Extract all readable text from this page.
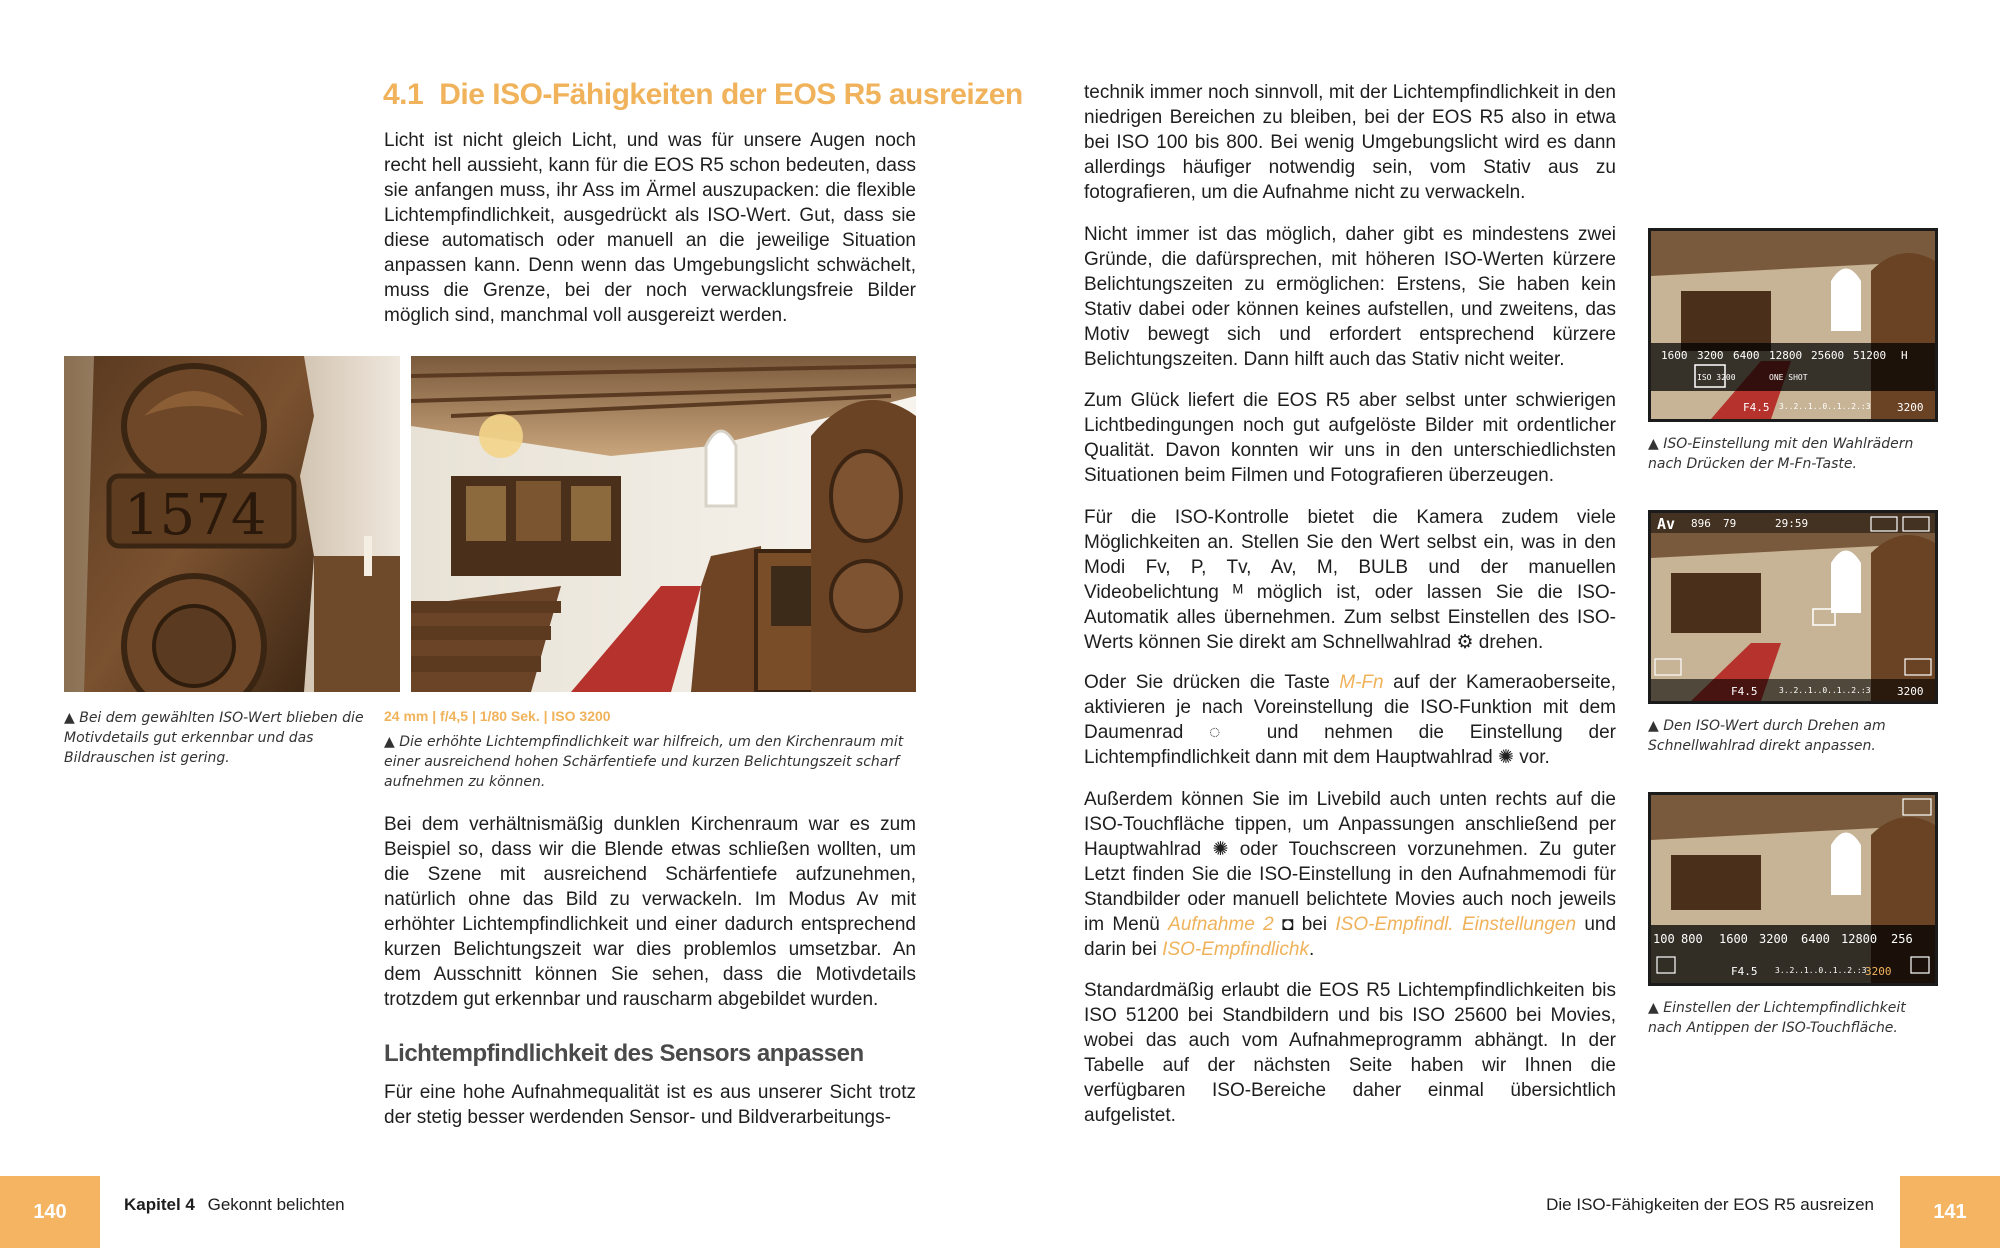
4.1 Die ISO-Fähigkeiten der EOS R5 ausreizen

Licht ist nicht gleich Licht, und was für unsere Augen noch recht hell aussieht, kann für die EOS R5 schon bedeuten, dass sie anfangen muss, ihr Ass im Ärmel auszupacken: die flexible Lichtempfindlichkeit, ausgedrückt als ISO-Wert. Gut, dass sie diese automatisch oder manuell an die jeweilige Situation anpassen kann. Denn wenn das Umgebungslicht schwächelt, muss die Grenze, bei der noch verwacklungsfreie Bilder möglich sind, manchmal voll ausgereizt werden.

1574

▲ Bei dem gewählten ISO-Wert blieben die Motivdetails gut erkennbar und das Bildrauschen ist gering.

24 mm | f/4,5 | 1/80 Sek. | ISO 3200

▲ Die erhöhte Lichtempfindlichkeit war hilfreich, um den Kirchenraum mit einer ausreichend hohen Schärfentiefe und kurzen Belichtungszeit scharf aufnehmen zu können.

Bei dem verhältnismäßig dunklen Kirchenraum war es zum Beispiel so, dass wir die Blende etwas schließen wollten, um die Szene mit ausreichend Schärfentiefe aufzunehmen, natürlich ohne das Bild zu verwackeln. Im Modus Av mit erhöhter Lichtempfindlichkeit und einer dadurch entsprechend kurzen Belichtungszeit war dies problemlos umsetzbar. An dem Ausschnitt können Sie sehen, dass die Motivdetails trotzdem gut erkennbar und rauscharm abgebildet wurden.

Lichtempfindlichkeit des Sensors anpassen

Für eine hohe Aufnahmequalität ist es aus unserer Sicht trotz der stetig besser werdenden Sensor- und Bildverarbeitungs-

technik immer noch sinnvoll, mit der Lichtempfindlichkeit in den niedrigen Bereichen zu bleiben, bei der EOS R5 also in etwa bei ISO 100 bis 800. Bei wenig Umgebungslicht wird es dann allerdings häufiger notwendig sein, vom Stativ aus zu fotografieren, um die Aufnahme nicht zu verwackeln.

Nicht immer ist das möglich, daher gibt es mindestens zwei Gründe, die dafürsprechen, mit höheren ISO-Werten kürzere Belichtungszeiten zu ermöglichen: Erstens, Sie haben kein Stativ dabei oder können keines aufstellen, und zweitens, das Motiv bewegt sich und erfordert entsprechend kürzere Belichtungszeiten. Dann hilft auch das Stativ nicht weiter.

Zum Glück liefert die EOS R5 aber selbst unter schwierigen Lichtbedingungen noch gut aufgelöste Bilder mit ordentlicher Qualität. Davon konnten wir uns in den unterschiedlichsten Situationen beim Filmen und Fotografieren überzeugen.

Für die ISO-Kontrolle bietet die Kamera zudem viele Möglichkeiten an. Stellen Sie den Wert selbst ein, was in den Modi Fv, P, Tv, Av, M, BULB und der manuellen Videobelichtung ᴹ möglich ist, oder lassen Sie die ISO-Automatik alles übernehmen. Zum selbst Einstellen des ISO-Werts können Sie direkt am Schnellwahlrad ⚙ drehen.

Oder Sie drücken die Taste M-Fn auf der Kameraoberseite, aktivieren je nach Voreinstellung die ISO-Funktion mit dem Daumenrad ◌ und nehmen die Einstellung der Lichtempfindlichkeit dann mit dem Hauptwahlrad ✺ vor.

Außerdem können Sie im Livebild auch unten rechts auf die ISO-Touchfläche tippen, um Anpassungen anschließend per Hauptwahlrad ✺ oder Touchscreen vorzunehmen. Zu guter Letzt finden Sie die ISO-Einstellung in den Aufnahmemodi für Standbilder oder manuell belichtete Movies auch noch jeweils im Menü Aufnahme 2 ◘ bei ISO-Empfindl. Einstellungen und darin bei ISO-Empfindlichk.

Standardmäßig erlaubt die EOS R5 Lichtempfindlichkeiten bis ISO 51200 bei Standbildern und bis ISO 25600 bei Movies, wobei das auch vom Aufnahmeprogramm abhängt. In der Tabelle auf der nächsten Seite haben wir Ihnen die verfügbaren ISO-Bereiche daher einmal übersichtlich aufgelistet.

1600 3200 6400 12800 25600 51200 H
ISO 3200	ONE SHOT
F4.5 3..2..1..0..1..2.:3 3200

▲ ISO-Einstellung mit den Wahlrädern nach Drücken der M-Fn-Taste.

Av 896 79	29:59
F4.5	3..2..1..0..1..2.:3 3200

▲ Den ISO-Wert durch Drehen am Schnellwahlrad direkt anpassen.

100 800 1600 3200 6400 12800 256
F4.5 3..2..1..0..1..2.:3
3200

▲ Einstellen der Lichtempfindlichkeit nach Antippen der ISO-Touchfläche.

140	Kapitel 4 Gekonnt belichten	Die ISO-Fähigkeiten der EOS R5 ausreizen	141
